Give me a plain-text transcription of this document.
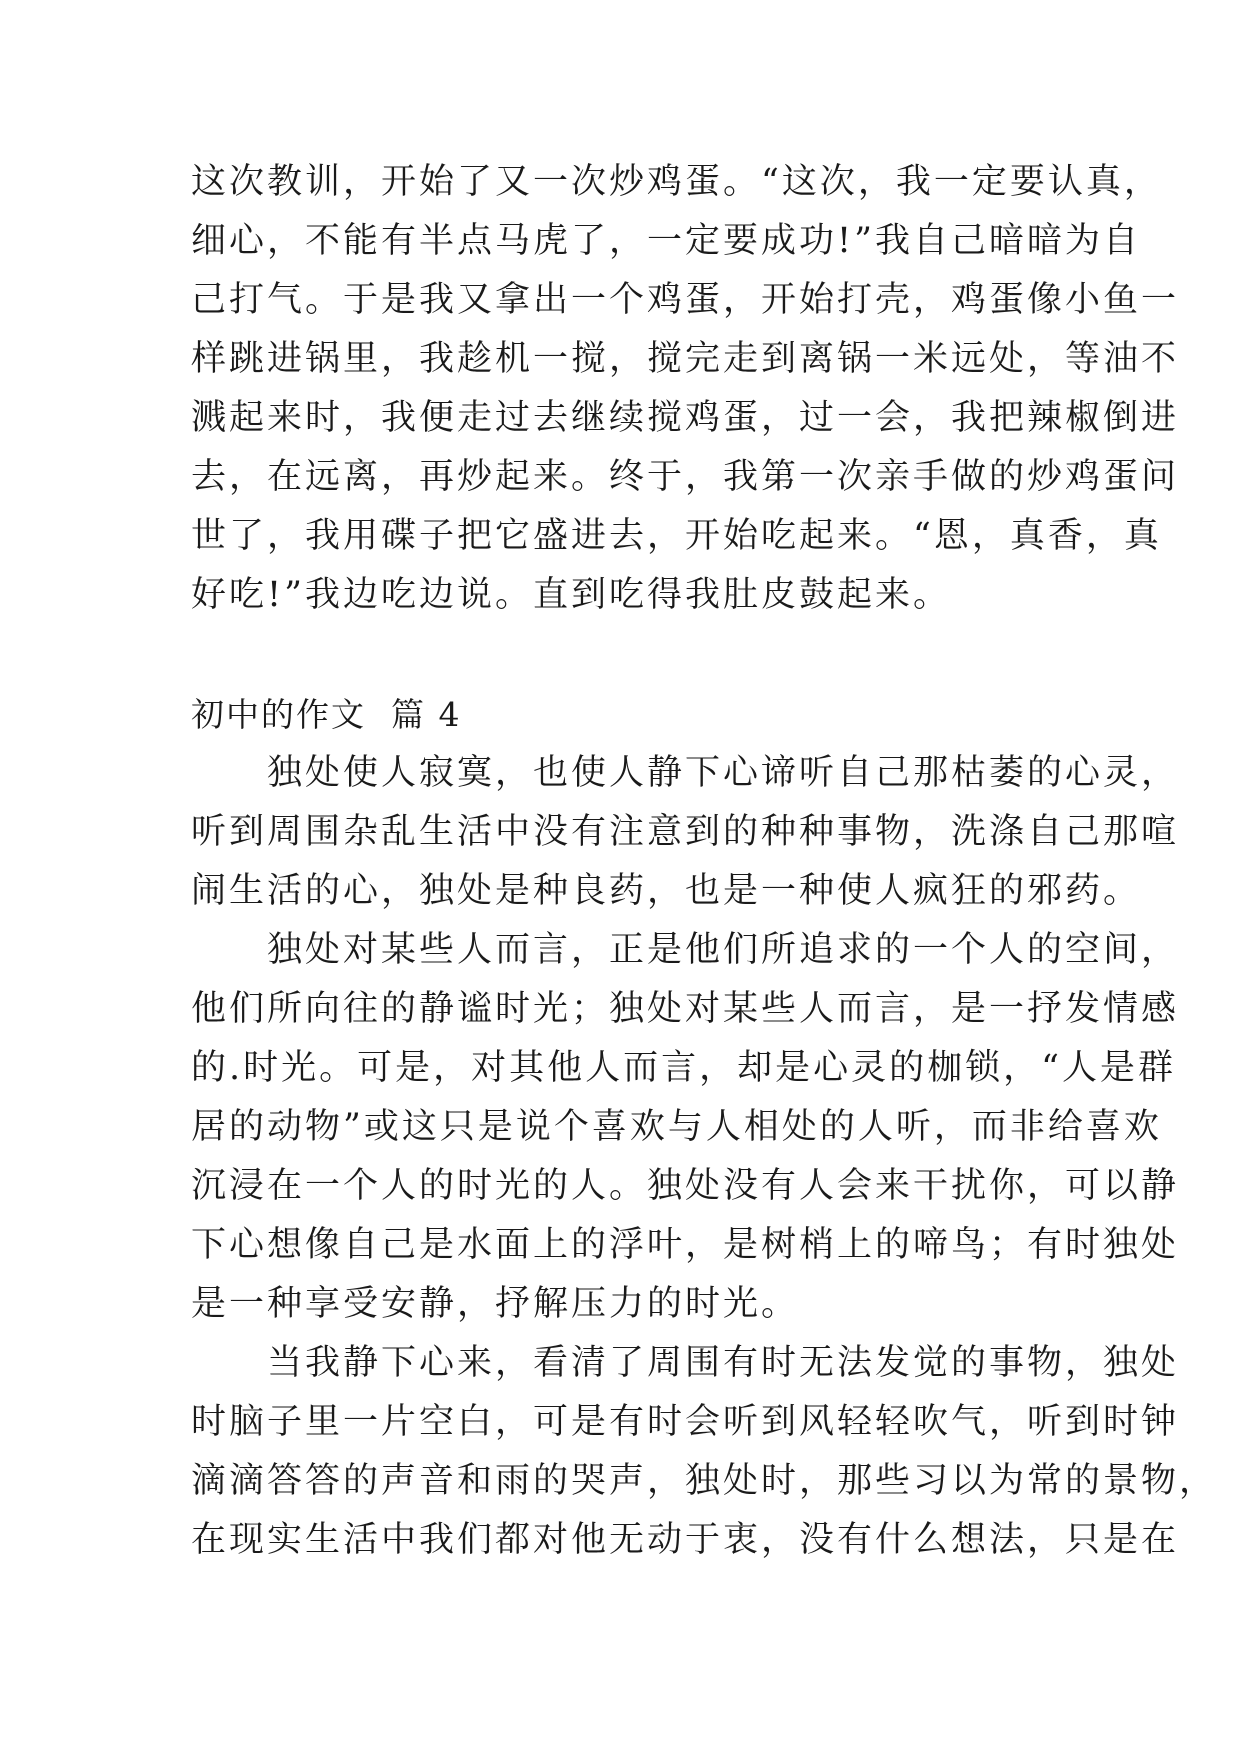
这次教训，开始了又一次炒鸡蛋。“这次，我一定要认真，
细心，不能有半点马虎了，一定要成功!”我自己暗暗为自
己打气。于是我又拿出一个鸡蛋，开始打壳，鸡蛋像小鱼一
样跳进锅里，我趁机一搅，搅完走到离锅一米远处，等油不
溅起来时，我便走过去继续搅鸡蛋，过一会，我把辣椒倒进
去，在远离，再炒起来。终于，我第一次亲手做的炒鸡蛋问
世了，我用碟子把它盛进去，开始吃起来。“恩，真香，真
好吃!”我边吃边说。直到吃得我肚皮鼓起来。
初中的作文  篇 4
独处使人寂寞，也使人静下心谛听自己那枯萎的心灵，
听到周围杂乱生活中没有注意到的种种事物，洗涤自己那喧
闹生活的心，独处是种良药，也是一种使人疯狂的邪药。
独处对某些人而言，正是他们所追求的一个人的空间，
他们所向往的静谧时光；独处对某些人而言，是一抒发情感
的.时光。可是，对其他人而言，却是心灵的枷锁，“人是群
居的动物”或这只是说个喜欢与人相处的人听，而非给喜欢
沉浸在一个人的时光的人。独处没有人会来干扰你，可以静
下心想像自己是水面上的浮叶，是树梢上的啼鸟；有时独处
是一种享受安静，抒解压力的时光。
当我静下心来，看清了周围有时无法发觉的事物，独处
时脑子里一片空白，可是有时会听到风轻轻吹气，听到时钟
滴滴答答的声音和雨的哭声，独处时，那些习以为常的景物，
在现实生活中我们都对他无动于衷，没有什么想法，只是在
